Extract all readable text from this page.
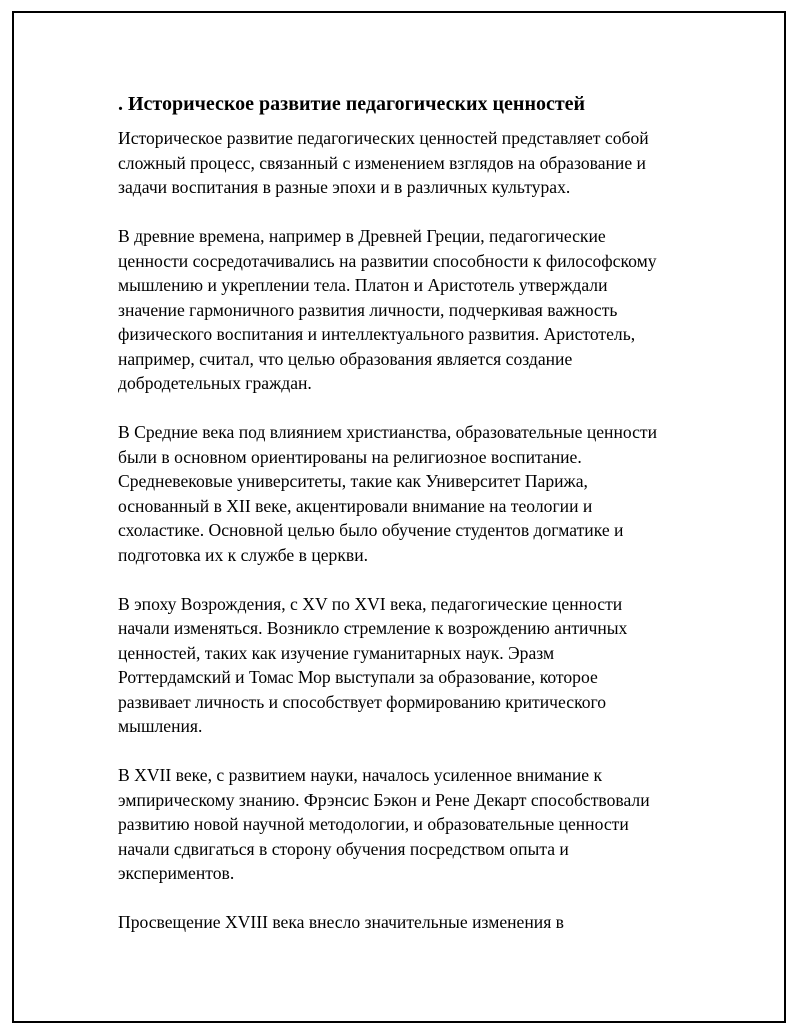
. Историческое развитие педагогических ценностей
Историческое развитие педагогических ценностей представляет собой
сложный процесс, связанный с изменением взглядов на образование и
задачи воспитания в разные эпохи и в различных культурах.
В древние времена, например в Древней Греции, педагогические
ценности сосредотачивались на развитии способности к философскому
мышлению и укреплении тела. Платон и Аристотель утверждали
значение гармоничного развития личности, подчеркивая важность
физического воспитания и интеллектуального развития. Аристотель,
например, считал, что целью образования является создание
добродетельных граждан.
В Средние века под влиянием христианства, образовательные ценности
были в основном ориентированы на религиозное воспитание.
Средневековые университеты, такие как Университет Парижа,
основанный в XII веке, акцентировали внимание на теологии и
схоластике. Основной целью было обучение студентов догматике и
подготовка их к службе в церкви.
В эпоху Возрождения, с XV по XVI века, педагогические ценности
начали изменяться. Возникло стремление к возрождению античных
ценностей, таких как изучение гуманитарных наук. Эразм
Роттердамский и Томас Мор выступали за образование, которое
развивает личность и способствует формированию критического
мышления.
В XVII веке, с развитием науки, началось усиленное внимание к
эмпирическому знанию. Фрэнсис Бэкон и Рене Декарт способствовали
развитию новой научной методологии, и образовательные ценности
начали сдвигаться в сторону обучения посредством опыта и
экспериментов.
Просвещение XVIII века внесло значительные изменения в
